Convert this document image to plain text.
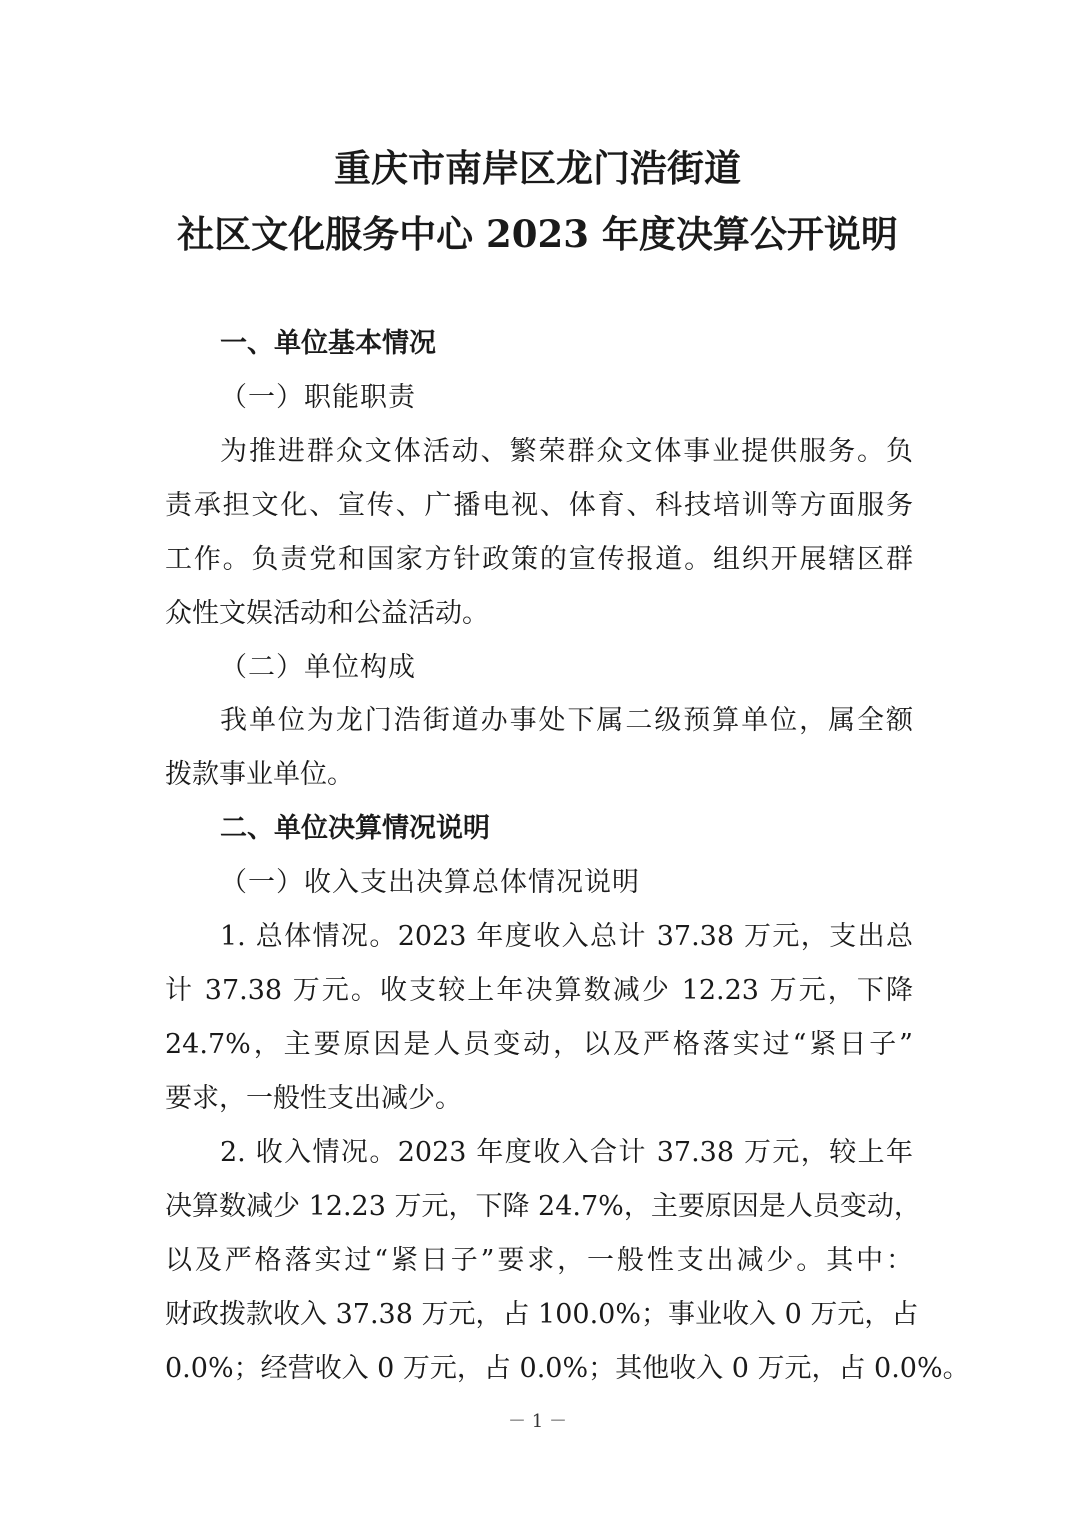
重庆市南岸区龙门浩街道
社区文化服务中心 2023 年度决算公开说明
一、单位基本情况
（一）职能职责
为推进群众文体活动、繁荣群众文体事业提供服务。负
责承担文化、宣传、广播电视、体育、科技培训等方面服务
工作。负责党和国家方针政策的宣传报道。组织开展辖区群
众性文娱活动和公益活动。
（二）单位构成
我单位为龙门浩街道办事处下属二级预算单位，属全额
拨款事业单位。
二、单位决算情况说明
（一）收入支出决算总体情况说明
1. 总体情况。2023 年度收入总计 37.38 万元，支出总
计 37.38 万元。收支较上年决算数减少 12.23 万元，下降
24.7%，主要原因是人员变动，以及严格落实过“紧日子”
要求，一般性支出减少。
2. 收入情况。2023 年度收入合计 37.38 万元，较上年
决算数减少 12.23 万元，下降 24.7%，主要原因是人员变动，
以及严格落实过“紧日子”要求，一般性支出减少。其中：
财政拨款收入 37.38 万元，占 100.0%；事业收入 0 万元，占
0.0%；经营收入 0 万元，占 0.0%；其他收入 0 万元，占 0.0%。
－ 1 －
